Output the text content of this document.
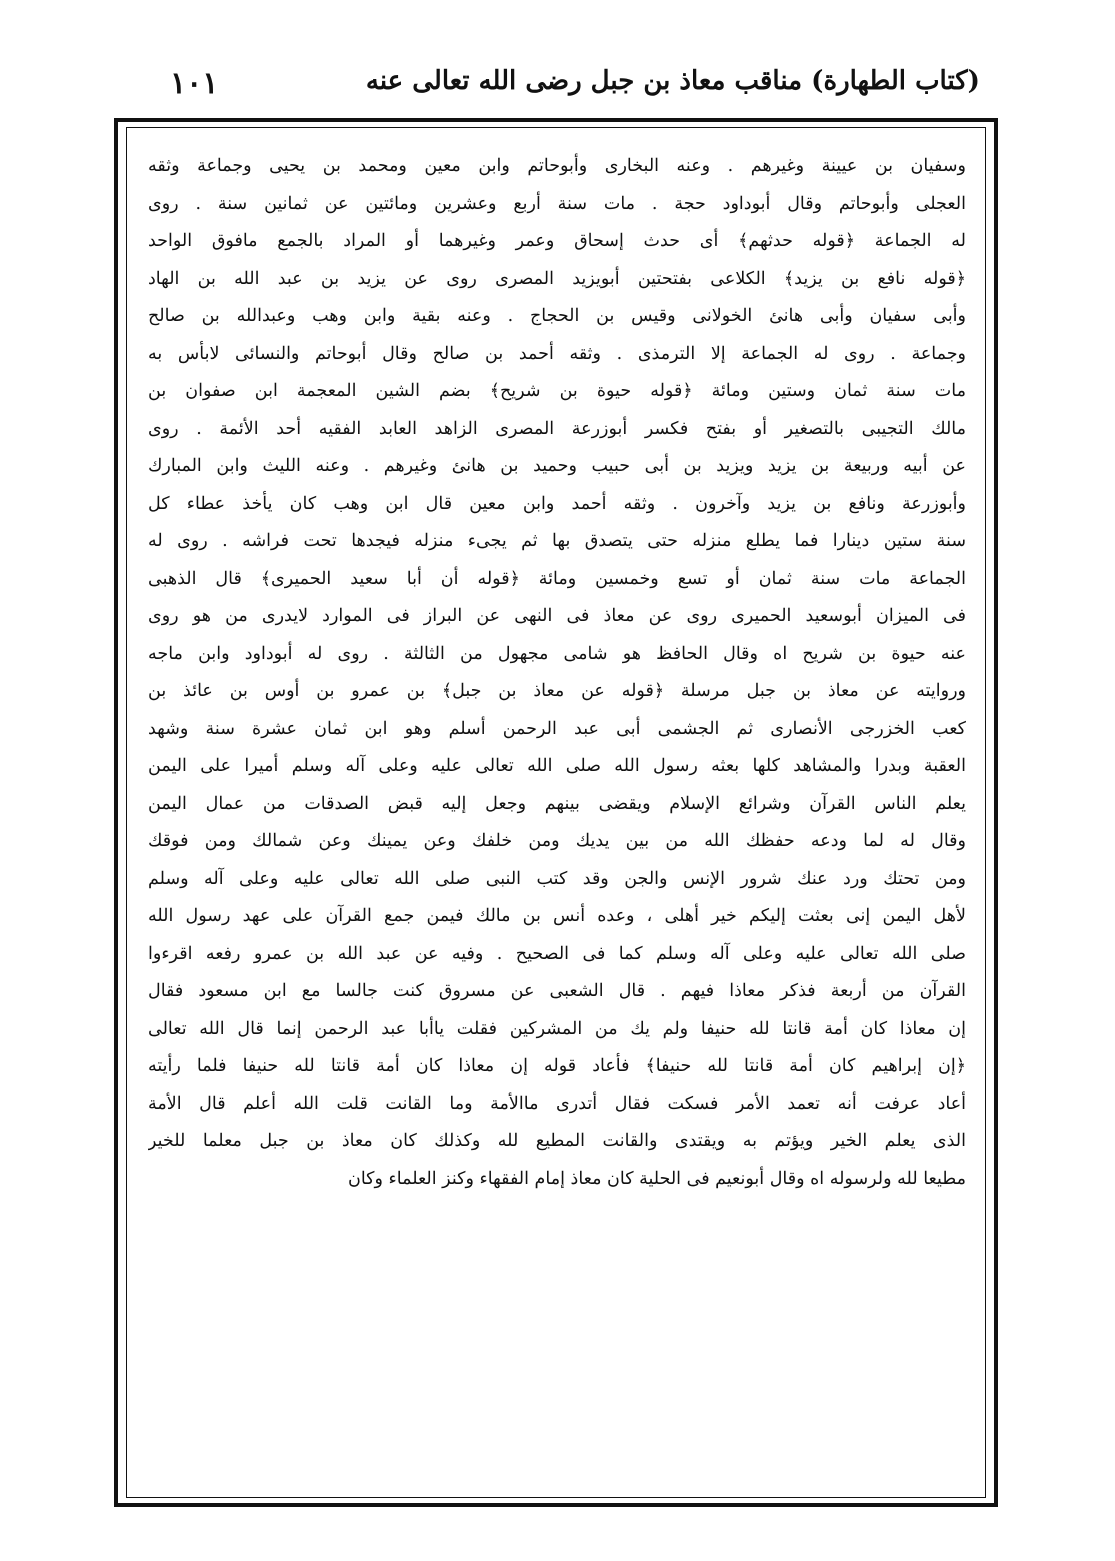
(كتاب الطهارة) مناقب معاذ بن جبل رضى الله تعالى عنه
١٠١
وسفيان بن عيينة وغيرهم . وعنه البخارى وأبوحاتم وابن معين ومحمد بن يحيى وجماعة وثقه
العجلى وأبوحاتم وقال أبوداود حجة . مات سنة أربع وعشرين ومائتين عن ثمانين سنة . روى
له الجماعة ﴿قوله حدثهم﴾ أى حدث إسحاق وعمر وغيرهما أو المراد بالجمع مافوق الواحد
﴿قوله نافع بن يزيد﴾ الكلاعى بفتحتين أبويزيد المصرى روى عن يزيد بن عبد الله بن الهاد
وأبى سفيان وأبى هانئ الخولانى وقيس بن الحجاج . وعنه بقية وابن وهب وعبدالله بن صالح
وجماعة . روى له الجماعة إلا الترمذى . وثقه أحمد بن صالح وقال أبوحاتم والنسائى لابأس به
مات سنة ثمان وستين ومائة ﴿قوله حيوة بن شريح﴾ بضم الشين المعجمة ابن صفوان بن
مالك التجيبى بالتصغير أو بفتح فكسر أبوزرعة المصرى الزاهد العابد الفقيه أحد الأئمة . روى
عن أبيه وربيعة بن يزيد ويزيد بن أبى حبيب وحميد بن هانئ وغيرهم . وعنه الليث وابن المبارك
وأبوزرعة ونافع بن يزيد وآخرون . وثقه أحمد وابن معين قال ابن وهب كان يأخذ عطاء كل
سنة ستين دينارا فما يطلع منزله حتى يتصدق بها ثم يجىء منزله فيجدها تحت فراشه . روى له
الجماعة مات سنة ثمان أو تسع وخمسين ومائة ﴿قوله أن أبا سعيد الحميرى﴾ قال الذهبى
فى الميزان أبوسعيد الحميرى روى عن معاذ فى النهى عن البراز فى الموارد لايدرى من هو روى
عنه حيوة بن شريح اه وقال الحافظ هو شامى مجهول من الثالثة . روى له أبوداود وابن ماجه
وروايته عن معاذ بن جبل مرسلة ﴿قوله عن معاذ بن جبل﴾ بن عمرو بن أوس بن عائذ بن
كعب الخزرجى الأنصارى ثم الجشمى أبى عبد الرحمن أسلم وهو ابن ثمان عشرة سنة وشهد
العقبة وبدرا والمشاهد كلها بعثه رسول الله صلى الله تعالى عليه وعلى آله وسلم أميرا على اليمن
يعلم الناس القرآن وشرائع الإسلام ويقضى بينهم وجعل إليه قبض الصدقات من عمال اليمن
وقال له لما ودعه حفظك الله من بين يديك ومن خلفك وعن يمينك وعن شمالك ومن فوقك
ومن تحتك ورد عنك شرور الإنس والجن وقد كتب النبى صلى الله تعالى عليه وعلى آله وسلم
لأهل اليمن إنى بعثت إليكم خير أهلى ، وعده أنس بن مالك فيمن جمع القرآن على عهد رسول الله
صلى الله تعالى عليه وعلى آله وسلم كما فى الصحيح . وفيه عن عبد الله بن عمرو رفعه اقرءوا
القرآن من أربعة فذكر معاذا فيهم . قال الشعبى عن مسروق كنت جالسا مع ابن مسعود فقال
إن معاذا كان أمة قانتا لله حنيفا ولم يك من المشركين فقلت ياأبا عبد الرحمن إنما قال الله تعالى
﴿إن إبراهيم كان أمة قانتا لله حنيفا﴾ فأعاد قوله إن معاذا كان أمة قانتا لله حنيفا فلما رأيته
أعاد عرفت أنه تعمد الأمر فسكت فقال أتدرى ماالأمة وما القانت قلت الله أعلم قال الأمة
الذى يعلم الخير ويؤتم به ويقتدى والقانت المطيع لله وكذلك كان معاذ بن جبل معلما للخير
مطيعا لله ولرسوله اه وقال أبونعيم فى الحلية كان معاذ إمام الفقهاء وكنز العلماء وكان
